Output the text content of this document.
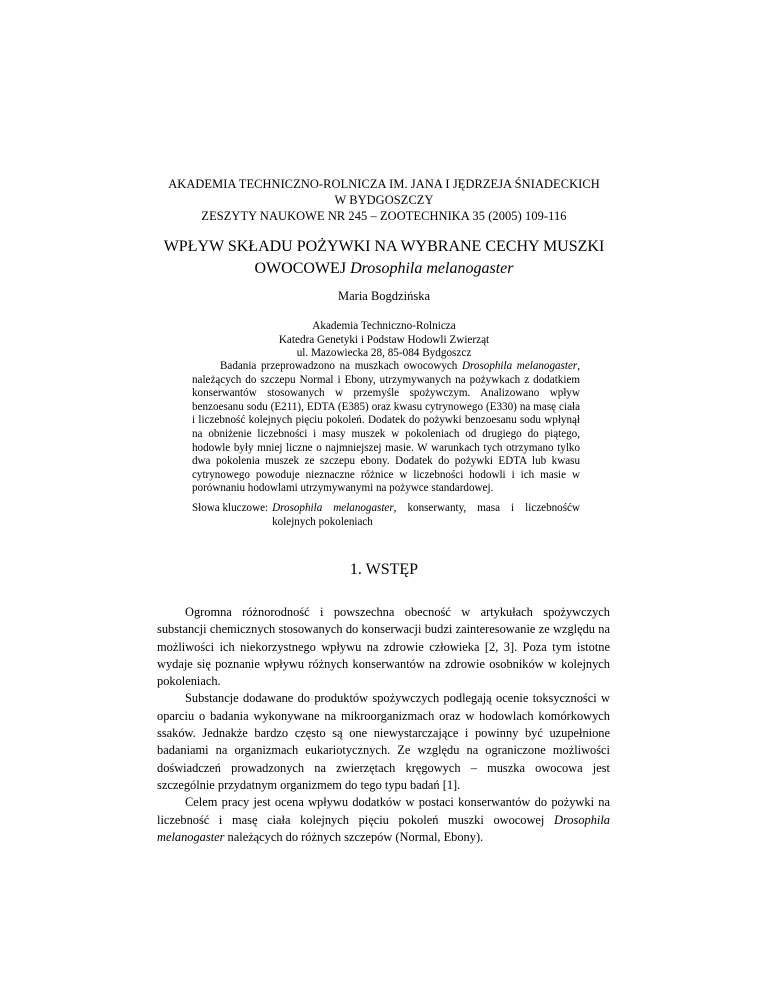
AKADEMIA TECHNICZNO-ROLNICZA IM. JANA I JĘDRZEJA ŚNIADECKICH
W BYDGOSZCZY
ZESZYTY NAUKOWE NR 245 – ZOOTECHNIKA 35 (2005) 109-116
WPŁYW SKŁADU POŻYWKI NA WYBRANE CECHY MUSZKI
OWOCOWEJ Drosophila melanogaster
Maria Bogdzińska
Akademia Techniczno-Rolnicza
Katedra Genetyki i Podstaw Hodowli Zwierząt
ul. Mazowiecka 28, 85-084 Bydgoszcz

Badania przeprowadzono na muszkach owocowych Drosophila melanogaster, należących do szczepu Normal i Ebony, utrzymywanych na pożywkach z dodatkiem konserwantów stosowanych w przemyśle spożywczym. Analizowano wpływ benzoesanu sodu (E211), EDTA (E385) oraz kwasu cytrynowego (E330) na masę ciała i liczebność kolejnych pięciu pokoleń. Dodatek do pożywki benzoesanu sodu wpłynął na obniżenie liczebności i masy muszek w pokoleniach od drugiego do piątego, hodowle były mniej liczne o najmniejszej masie. W warunkach tych otrzymano tylko dwa pokolenia muszek ze szczepu ebony. Dodatek do pożywki EDTA lub kwasu cytrynowego powoduje nieznaczne różnice w liczebności hodowli i ich masie w porównaniu hodowlami utrzymywanymi na pożywce standardowej.

Słowa kluczowe: Drosophila melanogaster, konserwanty, masa i liczebnośćw kolejnych pokoleniach
1. WSTĘP

Ogromna różnorodność i powszechna obecność w artykułach spożywczych substancji chemicznych stosowanych do konserwacji budzi zainteresowanie ze względu na możliwości ich niekorzystnego wpływu na zdrowie człowieka [2, 3]. Poza tym istotne wydaje się poznanie wpływu różnych konserwantów na zdrowie osobników w kolejnych pokoleniach.

Substancje dodawane do produktów spożywczych podlegają ocenie toksyczności w oparciu o badania wykonywane na mikroorganizmach oraz w hodowlach komórkowych ssaków. Jednakże bardzo często są one niewystarczające i powinny być uzupełnione badaniami na organizmach eukariotycznych. Ze względu na ograniczone możliwości doświadczeń prowadzonych na zwierzętach kręgowych – muszka owocowa jest szczególnie przydatnym organizmem do tego typu badań [1].

Celem pracy jest ocena wpływu dodatków w postaci konserwantów do pożywki na liczebność i masę ciała kolejnych pięciu pokoleń muszki owocowej Drosophila melanogaster należących do różnych szczepów (Normal, Ebony).
